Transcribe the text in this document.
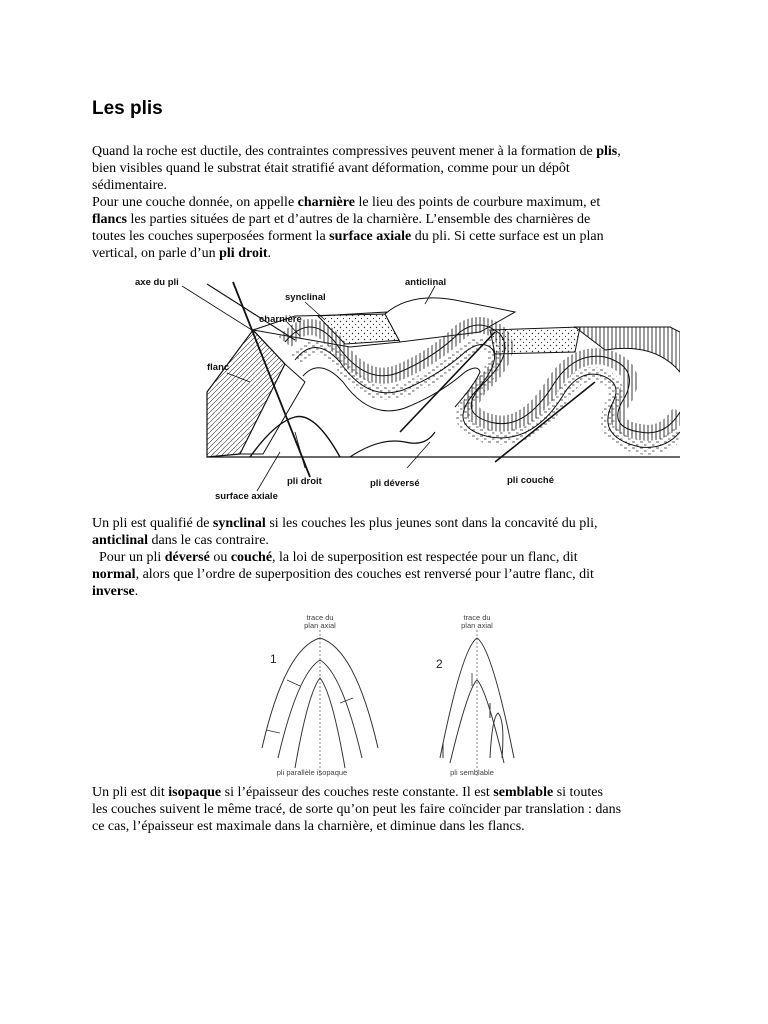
Les plis
Quand la roche est ductile, des contraintes compressives peuvent mener à la formation de plis,
bien visibles quand le substrat était stratifié avant déformation, comme pour un dépôt
sédimentaire.
Pour une couche donnée, on appelle charnière le lieu des points de courbure maximum, et
flancs les parties situées de part et d’autres de la charnière. L’ensemble des charnières de
toutes les couches superposées forment la surface axiale du pli. Si cette surface est un plan
vertical, on parle d’un pli droit.
Un pli est qualifié de synclinal si les couches les plus jeunes sont dans la concavité du pli,
anticlinal dans le cas contraire.
Pour un pli déversé ou couché, la loi de superposition est respectée pour un flanc, dit
normal, alors que l’ordre de superposition des couches est renversé pour l’autre flanc, dit
inverse.
Un pli est dit isopaque si l’épaisseur des couches reste constante. Il est semblable si toutes
les couches suivent le même tracé, de sorte qu’on peut les faire coïncider par translation : dans
ce cas, l’épaisseur est maximale dans la charnière, et diminue dans les flancs.
axe du pli
synclinal
anticlinal
charnière
flanc
pli droit	pli déversé	pli couché
surface axiale
1
trace du
plan axial
pli parallèle isopaque
2
trace du
plan axial
pli semblable
